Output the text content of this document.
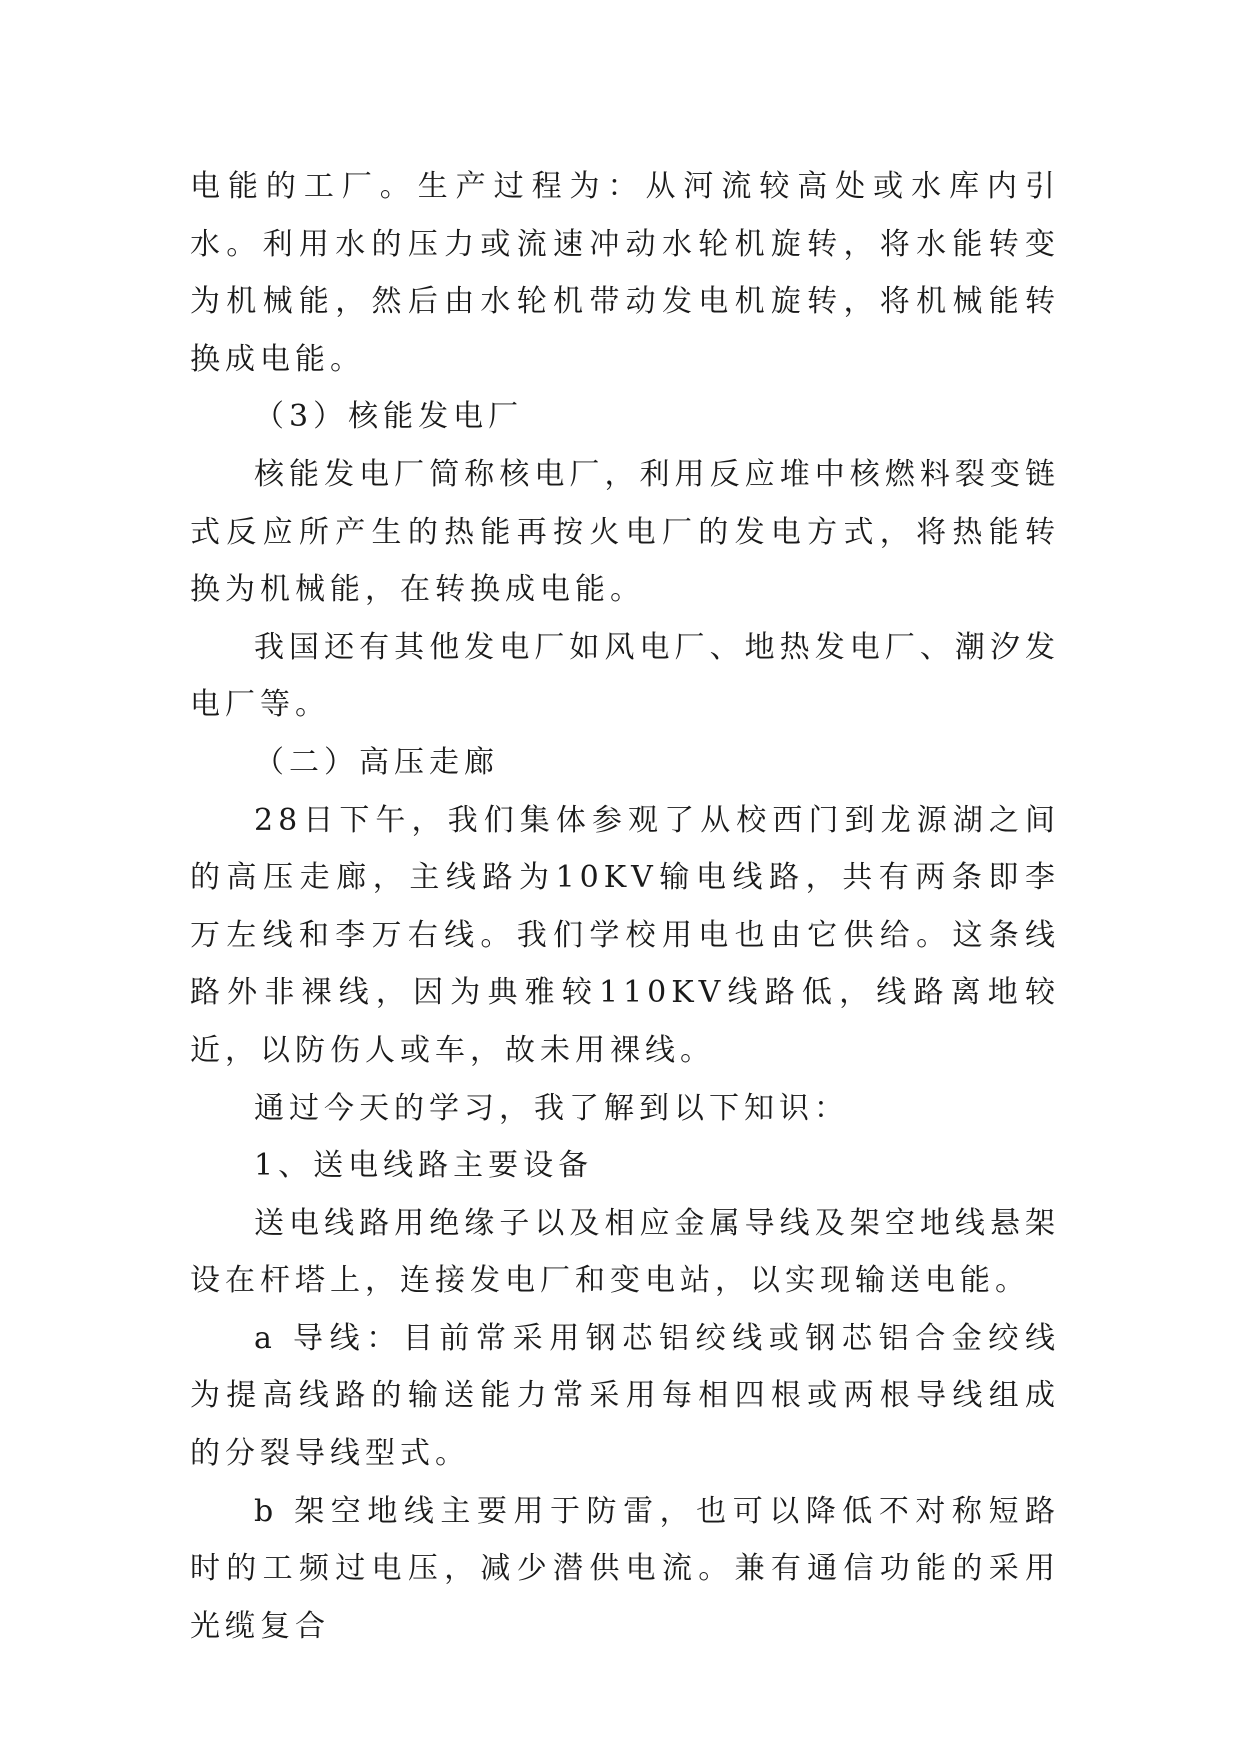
电能的工厂。生产过程为：从河流较高处或水库内引水。利用水的压力或流速冲动水轮机旋转，将水能转变为机械能，然后由水轮机带动发电机旋转，将机械能转换成电能。

（3）核能发电厂

核能发电厂简称核电厂，利用反应堆中核燃料裂变链式反应所产生的热能再按火电厂的发电方式，将热能转换为机械能，在转换成电能。

我国还有其他发电厂如风电厂、地热发电厂、潮汐发电厂等。

（二）高压走廊

28日下午，我们集体参观了从校西门到龙源湖之间的高压走廊，主线路为10KV输电线路，共有两条即李万左线和李万右线。我们学校用电也由它供给。这条线路外非裸线，因为典雅较110KV线路低，线路离地较近，以防伤人或车，故未用裸线。

通过今天的学习，我了解到以下知识：

1、送电线路主要设备

送电线路用绝缘子以及相应金属导线及架空地线悬架设在杆塔上，连接发电厂和变电站，以实现输送电能。

a 导线：目前常采用钢芯铝绞线或钢芯铝合金绞线为提高线路的输送能力常采用每相四根或两根导线组成的分裂导线型式。

b 架空地线主要用于防雷，也可以降低不对称短路时的工频过电压，减少潜供电流。兼有通信功能的采用光缆复合
